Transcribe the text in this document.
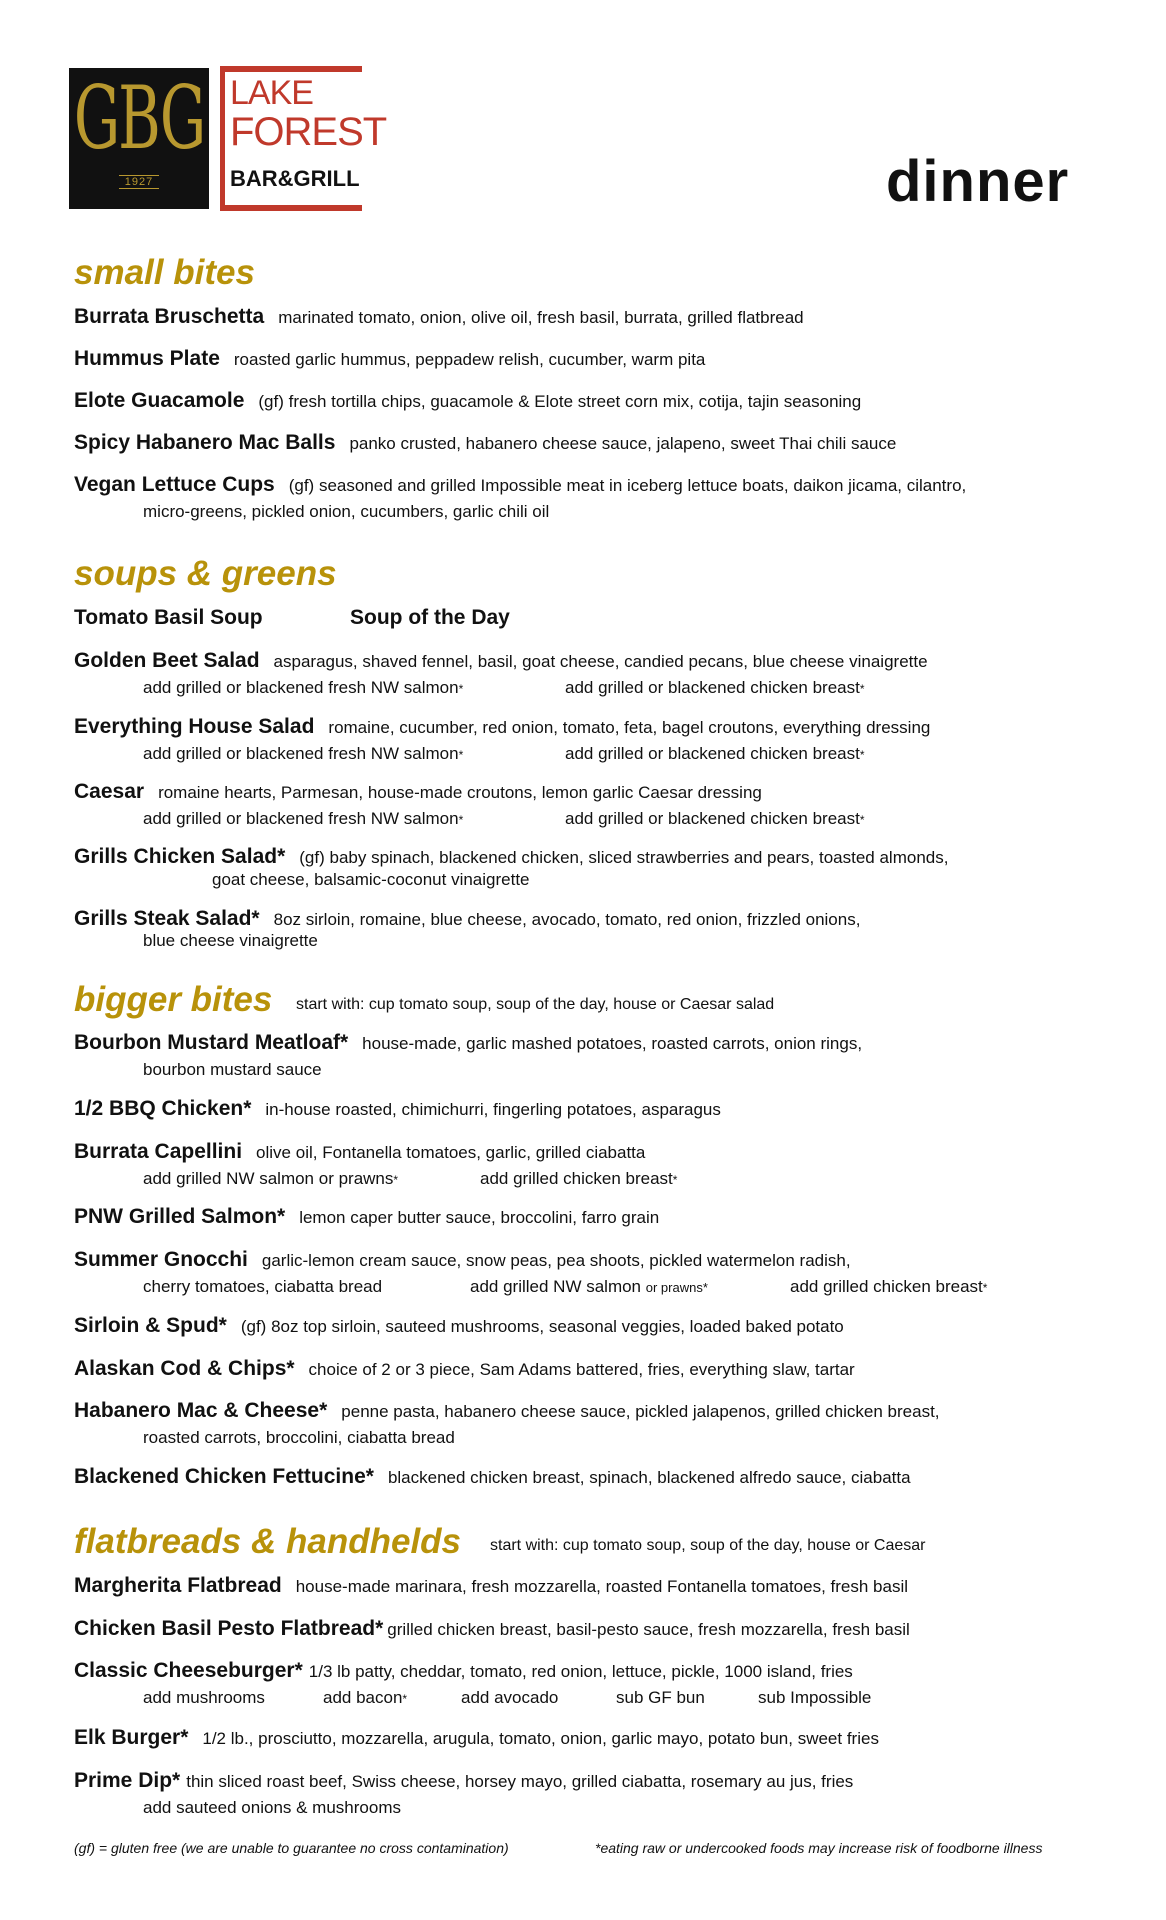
GBG
1927
LAKE
FOREST
BAR&GRILL	dinner
small bites
Burrata Bruschetta marinated tomato, onion, olive oil, fresh basil, burrata, grilled flatbread
Hummus Plate roasted garlic hummus, peppadew relish, cucumber, warm pita
Elote Guacamole (gf) fresh tortilla chips, guacamole & Elote street corn mix, cotija, tajin seasoning
Spicy Habanero Mac Balls panko crusted, habanero cheese sauce, jalapeno, sweet Thai chili sauce
Vegan Lettuce Cups (gf) seasoned and grilled Impossible meat in iceberg lettuce boats, daikon jicama, cilantro,
micro-greens, pickled onion, cucumbers, garlic chili oil
soups & greens
Tomato Basil Soup	Soup of the Day
Golden Beet Salad asparagus, shaved fennel, basil, goat cheese, candied pecans, blue cheese vinaigrette
add grilled or blackened fresh NW salmon*	add grilled or blackened chicken breast*
Everything House Salad romaine, cucumber, red onion, tomato, feta, bagel croutons, everything dressing
add grilled or blackened fresh NW salmon*	add grilled or blackened chicken breast*
Caesar romaine hearts, Parmesan, house-made croutons, lemon garlic Caesar dressing
add grilled or blackened fresh NW salmon*	add grilled or blackened chicken breast*
Grills Chicken Salad* (gf) baby spinach, blackened chicken, sliced strawberries and pears, toasted almonds,
goat cheese, balsamic-coconut vinaigrette
Grills Steak Salad* 8oz sirloin, romaine, blue cheese, avocado, tomato, red onion, frizzled onions,
blue cheese vinaigrette
bigger bites start with: cup tomato soup, soup of the day, house or Caesar salad
Bourbon Mustard Meatloaf* house-made, garlic mashed potatoes, roasted carrots, onion rings,
bourbon mustard sauce
1/2 BBQ Chicken* in-house roasted, chimichurri, fingerling potatoes, asparagus
Burrata Capellini olive oil, Fontanella tomatoes, garlic, grilled ciabatta
add grilled NW salmon or prawns*	add grilled chicken breast*
PNW Grilled Salmon* lemon caper butter sauce, broccolini, farro grain
Summer Gnocchi garlic-lemon cream sauce, snow peas, pea shoots, pickled watermelon radish,
cherry tomatoes, ciabatta bread	add grilled NW salmon or prawns*	add grilled chicken breast*
Sirloin & Spud* (gf) 8oz top sirloin, sauteed mushrooms, seasonal veggies, loaded baked potato
Alaskan Cod & Chips* choice of 2 or 3 piece, Sam Adams battered, fries, everything slaw, tartar
Habanero Mac & Cheese* penne pasta, habanero cheese sauce, pickled jalapenos, grilled chicken breast,
roasted carrots, broccolini, ciabatta bread
Blackened Chicken Fettucine* blackened chicken breast, spinach, blackened alfredo sauce, ciabatta
flatbreads & handhelds start with: cup tomato soup, soup of the day, house or Caesar
Margherita Flatbread house-made marinara, fresh mozzarella, roasted Fontanella tomatoes, fresh basil
Chicken Basil Pesto Flatbread* grilled chicken breast, basil-pesto sauce, fresh mozzarella, fresh basil
Classic Cheeseburger* 1/3 lb patty, cheddar, tomato, red onion, lettuce, pickle, 1000 island, fries
add mushrooms	add bacon*	add avocado	sub GF bun	sub Impossible
Elk Burger* 1/2 lb., prosciutto, mozzarella, arugula, tomato, onion, garlic mayo, potato bun, sweet fries
Prime Dip* thin sliced roast beef, Swiss cheese, horsey mayo, grilled ciabatta, rosemary au jus, fries
add sauteed onions & mushrooms
(gf) = gluten free (we are unable to guarantee no cross contamination)	*eating raw or undercooked foods may increase risk of foodborne illness
